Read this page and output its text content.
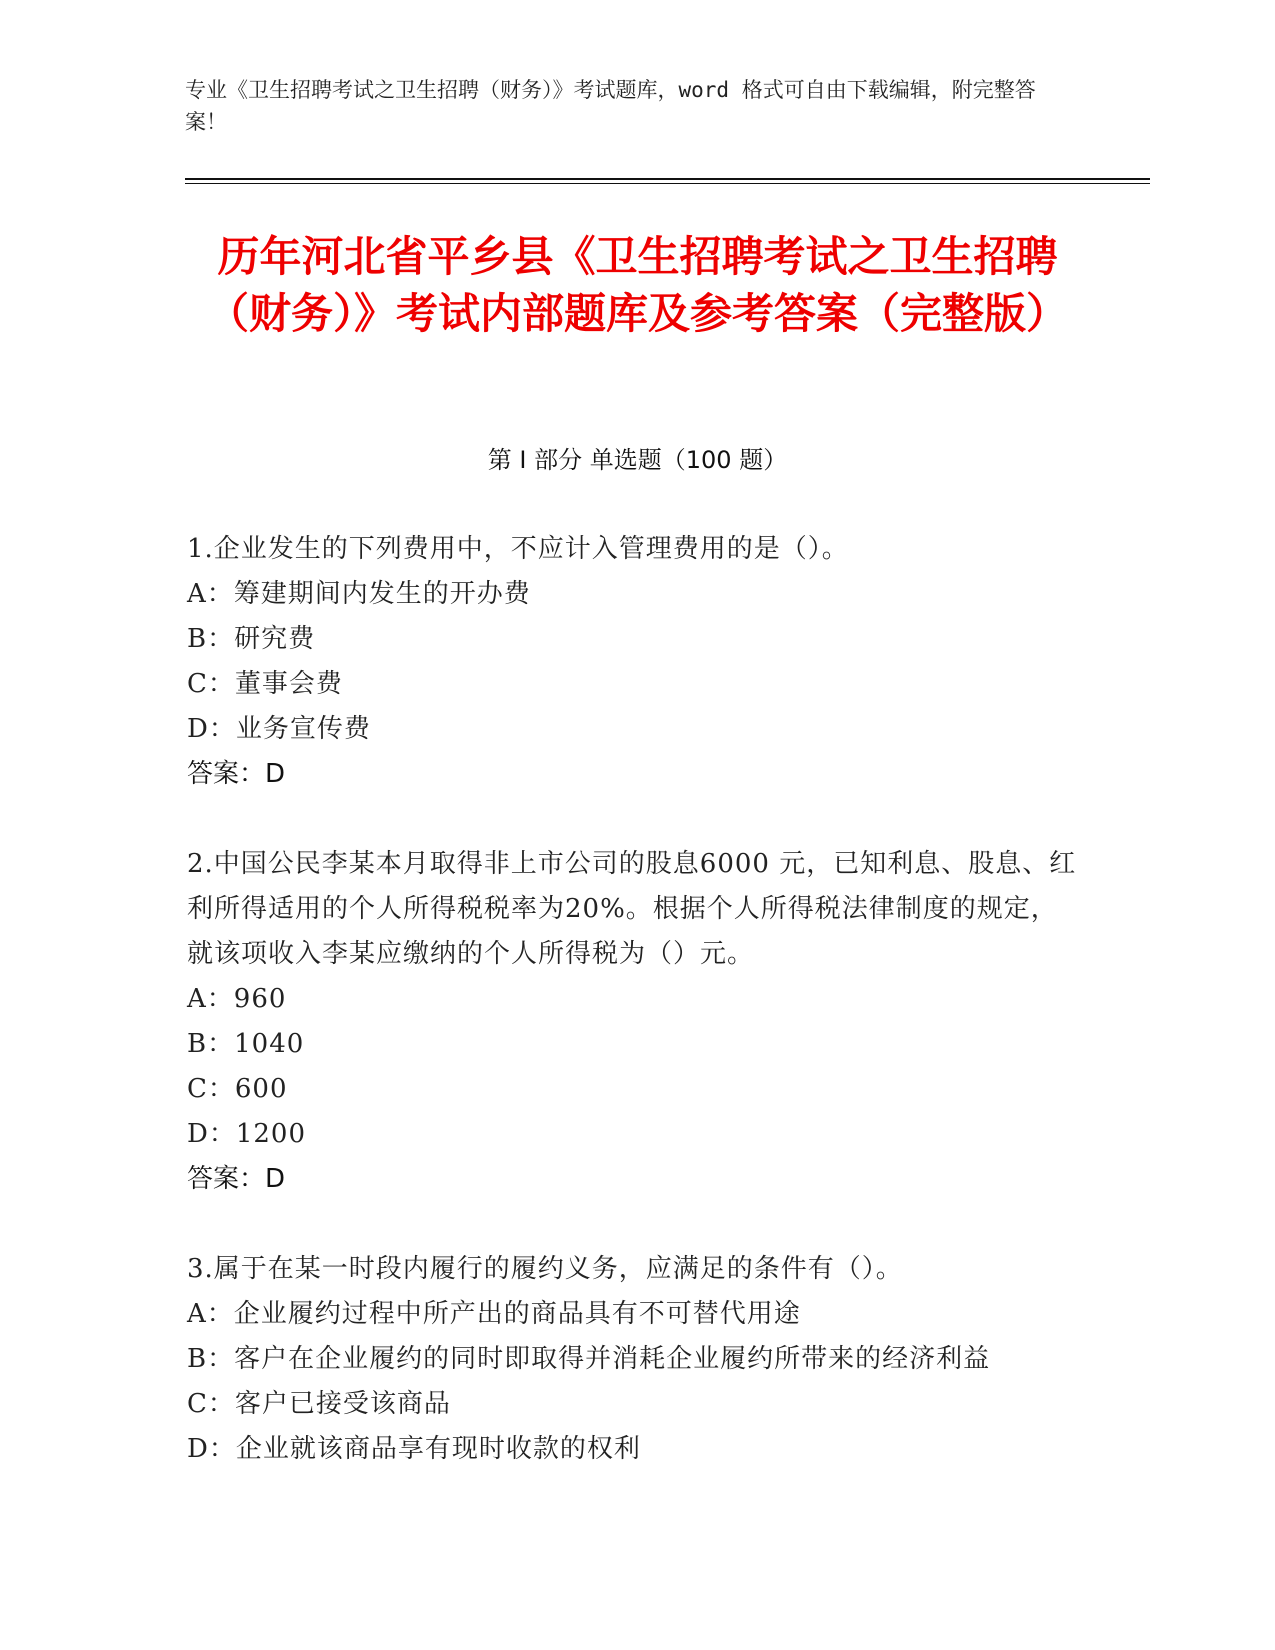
专业《卫生招聘考试之卫生招聘（财务）》考试题库，word 格式可自由下载编辑，附完整答案！
历年河北省平乡县《卫生招聘考试之卫生招聘（财务）》考试内部题库及参考答案（完整版）
第 I 部分 单选题（100 题）
1.企业发生的下列费用中，不应计入管理费用的是（）。
A：筹建期间内发生的开办费
B：研究费
C：董事会费
D：业务宣传费
答案：D
2.中国公民李某本月取得非上市公司的股息6000 元，已知利息、股息、红利所得适用的个人所得税税率为20%。根据个人所得税法律制度的规定，就该项收入李某应缴纳的个人所得税为（）元。
A：960
B：1040
C：600
D：1200
答案：D
3.属于在某一时段内履行的履约义务，应满足的条件有（）。
A：企业履约过程中所产出的商品具有不可替代用途
B：客户在企业履约的同时即取得并消耗企业履约所带来的经济利益
C：客户已接受该商品
D：企业就该商品享有现时收款的权利
